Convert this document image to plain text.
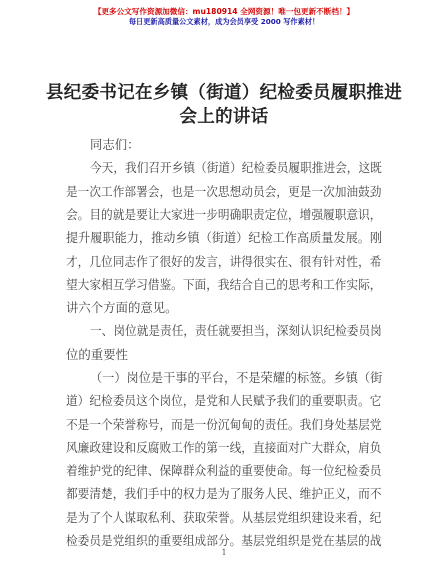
【更多公文写作资源加微信：mu180914 全网资源！唯一包更新不断档！】
每日更新高质量公文素材，成为会员享受 2000 写作素材！
县纪委书记在乡镇（街道）纪检委员履职推进
会上的讲话
同志们：
今天，我们召开乡镇（街道）纪检委员履职推进会，这既
是一次工作部署会，也是一次思想动员会，更是一次加油鼓劲
会。目的就是要让大家进一步明确职责定位，增强履职意识，
提升履职能力，推动乡镇（街道）纪检工作高质量发展。刚
才，几位同志作了很好的发言，讲得很实在、很有针对性，希
望大家相互学习借鉴。下面，我结合自己的思考和工作实际，
讲六个方面的意见。
一、岗位就是责任，责任就要担当，深刻认识纪检委员岗
位的重要性
（一）岗位是干事的平台，不是荣耀的标签。乡镇（街
道）纪检委员这个岗位，是党和人民赋予我们的重要职责。它
不是一个荣誉称号，而是一份沉甸甸的责任。我们身处基层党
风廉政建设和反腐败工作的第一线，直接面对广大群众，肩负
着维护党的纪律、保障群众利益的重要使命。每一位纪检委员
都要清楚，我们手中的权力是为了服务人民、维护正义，而不
是为了个人谋取私利、获取荣誉。从基层党组织建设来看，纪
检委员是党组织的重要组成部分。基层党组织是党在基层的战
1
